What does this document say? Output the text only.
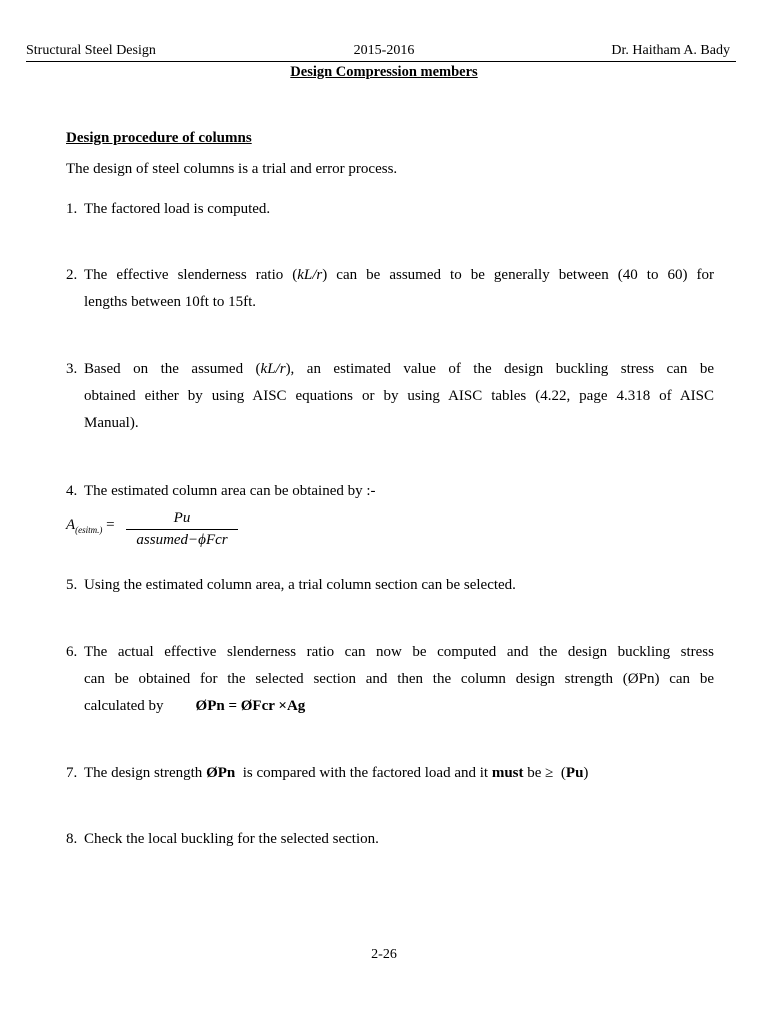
Structural Steel Design	2015-2016	Dr. Haitham A. Bady
Design Compression members
Design procedure of columns
The design of steel columns is a trial and error process.
1. The factored load is computed.
2. The effective slenderness ratio (kL/r) can be assumed to be generally between (40 to 60) for
lengths between 10ft to 15ft.
3. Based on the assumed (kL/r), an estimated value of the design buckling stress can be
obtained either by using AISC equations or by using AISC tables (4.22, page 4.318 of AISC
Manual).
4. The estimated column area can be obtained by :-
$A_{(esitm.)}$ =	Pu
assumed−ϕFcr
5. Using the estimated column area, a trial column section can be selected.
6. The actual effective slenderness ratio can now be computed and the design buckling stress
can be obtained for the selected section and then the column design strength (ØPn) can be
calculated by ØPn = ØFcr ×Ag
7. The design strength ØPn  is compared with the factored load and it must be ≥  (Pu)
8. Check the local buckling for the selected section.
2-26
